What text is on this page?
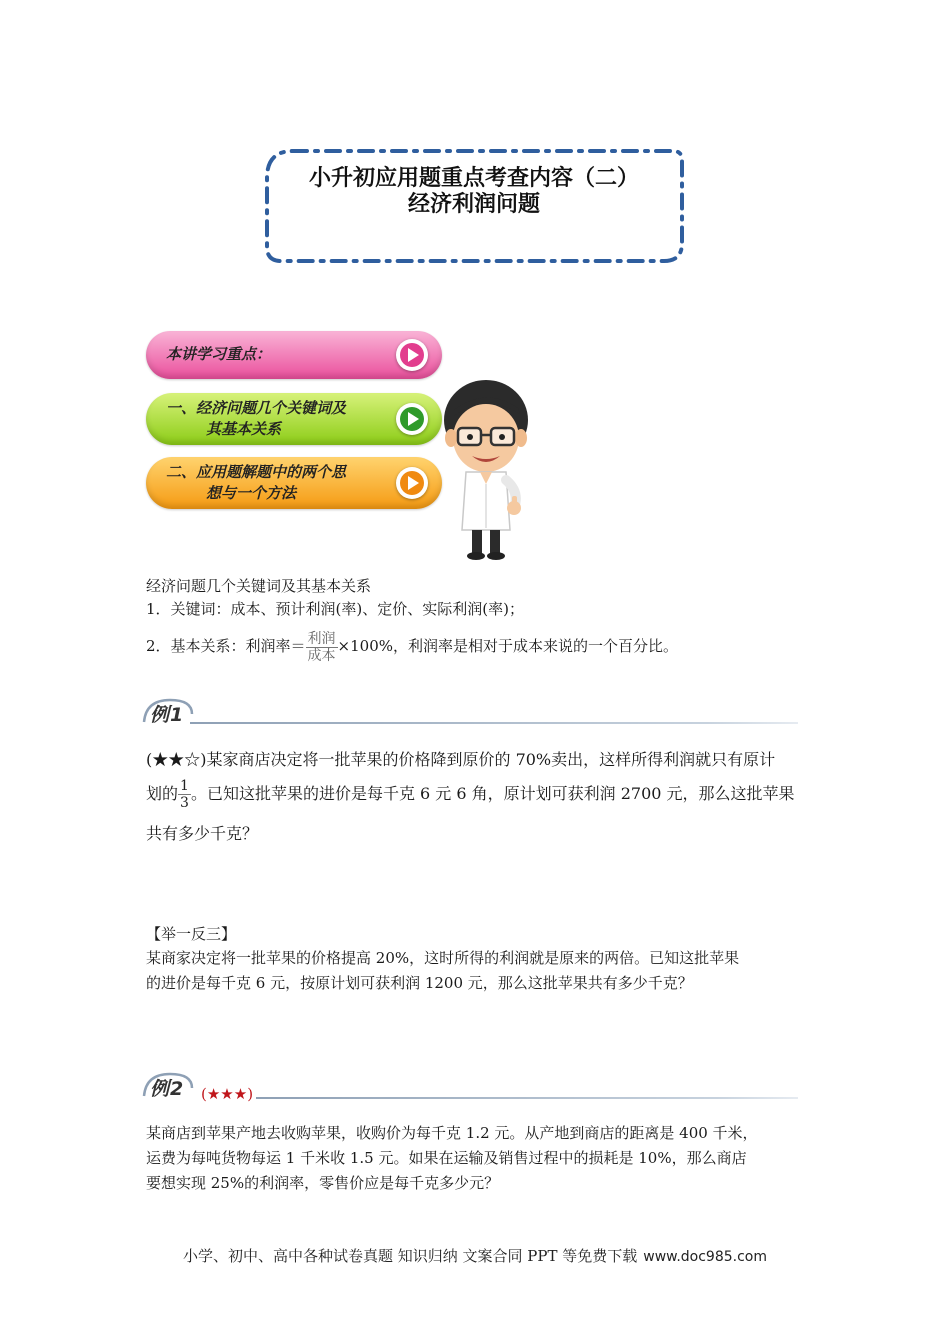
小升初应用题重点考查内容（二）
经济利润问题
本讲学习重点：
一、经济问题几个关键词及
其基本关系
二、应用题解题中的两个思
想与一个方法
经济问题几个关键词及其基本关系
1．关键词：成本、预计利润(率)、定价、实际利润(率)；
2．基本关系：利润率＝ $\frac{\text{利润}}{\text{成本}} \times 100\%$，利润率是相对于成本来说的一个百分比。
例1
(★★☆)某家商店决定将一批苹果的价格降到原价的 70%卖出，这样所得利润就只有原计
划的 $\frac{1}{3}$ 。已知这批苹果的进价是每千克 6 元 6 角，原计划可获利润 2700 元，那么这批苹果
共有多少千克？
【举一反三】
某商家决定将一批苹果的价格提高 20%，这时所得的利润就是原来的两倍。已知这批苹果
的进价是每千克 6 元，按原计划可获利润 1200 元，那么这批苹果共有多少千克？
例2 (★★★)
某商店到苹果产地去收购苹果，收购价为每千克 1.2 元。从产地到商店的距离是 400 千米，
运费为每吨货物每运 1 千米收 1.5 元。如果在运输及销售过程中的损耗是 10%，那么商店
要想实现 25%的利润率，零售价应是每千克多少元？
小学、初中、高中各种试卷真题 知识归纳 文案合同 PPT 等免费下载 www.doc985.com
